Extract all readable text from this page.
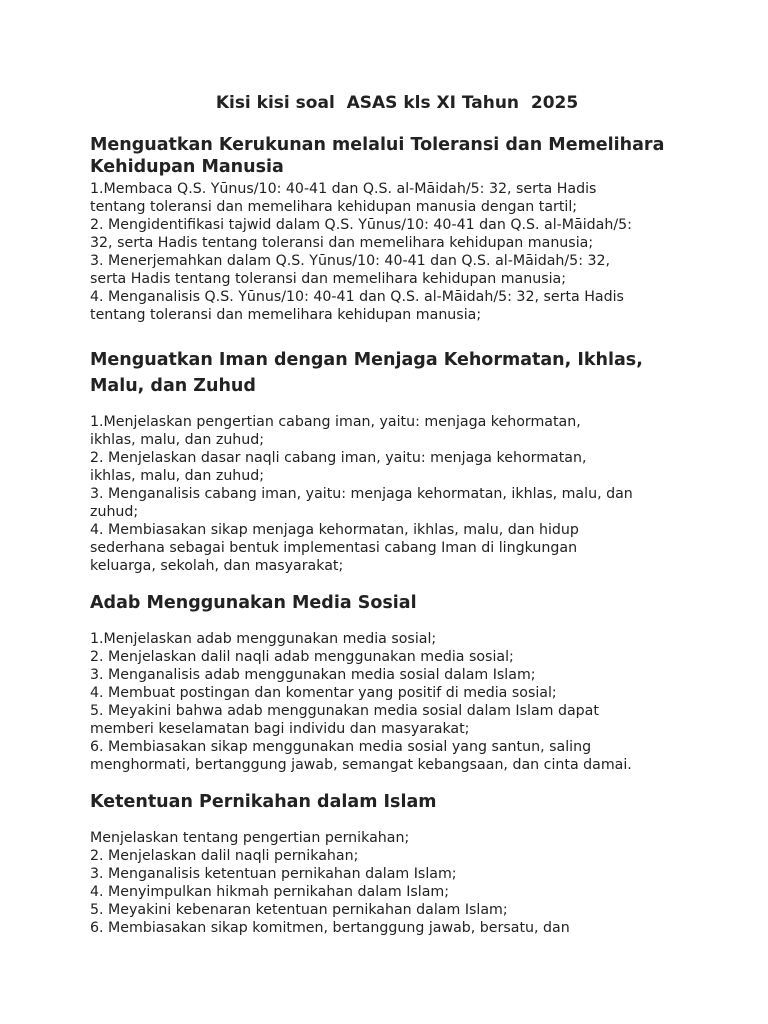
Kisi kisi soal  ASAS kls XI Tahun  2025
Menguatkan Kerukunan melalui Toleransi dan Memelihara
Kehidupan Manusia
1.Membaca Q.S. Yūnus/10: 40-41 dan Q.S. al-Māidah/5: 32, serta Hadis
tentang toleransi dan memelihara kehidupan manusia dengan tartil;
2. Mengidentifikasi tajwid dalam Q.S. Yūnus/10: 40-41 dan Q.S. al-Māidah/5:
32, serta Hadis tentang toleransi dan memelihara kehidupan manusia;
3. Menerjemahkan dalam Q.S. Yūnus/10: 40-41 dan Q.S. al-Māidah/5: 32,
serta Hadis tentang toleransi dan memelihara kehidupan manusia;
4. Menganalisis Q.S. Yūnus/10: 40-41 dan Q.S. al-Māidah/5: 32, serta Hadis
tentang toleransi dan memelihara kehidupan manusia;
Menguatkan Iman dengan Menjaga Kehormatan, Ikhlas,
Malu, dan Zuhud
1.Menjelaskan pengertian cabang iman, yaitu: menjaga kehormatan,
ikhlas, malu, dan zuhud;
2. Menjelaskan dasar naqli cabang iman, yaitu: menjaga kehormatan,
ikhlas, malu, dan zuhud;
3. Menganalisis cabang iman, yaitu: menjaga kehormatan, ikhlas, malu, dan
zuhud;
4. Membiasakan sikap menjaga kehormatan, ikhlas, malu, dan hidup
sederhana sebagai bentuk implementasi cabang Iman di lingkungan
keluarga, sekolah, dan masyarakat;
Adab Menggunakan Media Sosial
1.Menjelaskan adab menggunakan media sosial;
2. Menjelaskan dalil naqli adab menggunakan media sosial;
3. Menganalisis adab menggunakan media sosial dalam Islam;
4. Membuat postingan dan komentar yang positif di media sosial;
5. Meyakini bahwa adab menggunakan media sosial dalam Islam dapat
memberi keselamatan bagi individu dan masyarakat;
6. Membiasakan sikap menggunakan media sosial yang santun, saling
menghormati, bertanggung jawab, semangat kebangsaan, dan cinta damai.
Ketentuan Pernikahan dalam Islam
Menjelaskan tentang pengertian pernikahan;
2. Menjelaskan dalil naqli pernikahan;
3. Menganalisis ketentuan pernikahan dalam Islam;
4. Menyimpulkan hikmah pernikahan dalam Islam;
5. Meyakini kebenaran ketentuan pernikahan dalam Islam;
6. Membiasakan sikap komitmen, bertanggung jawab, bersatu, dan
